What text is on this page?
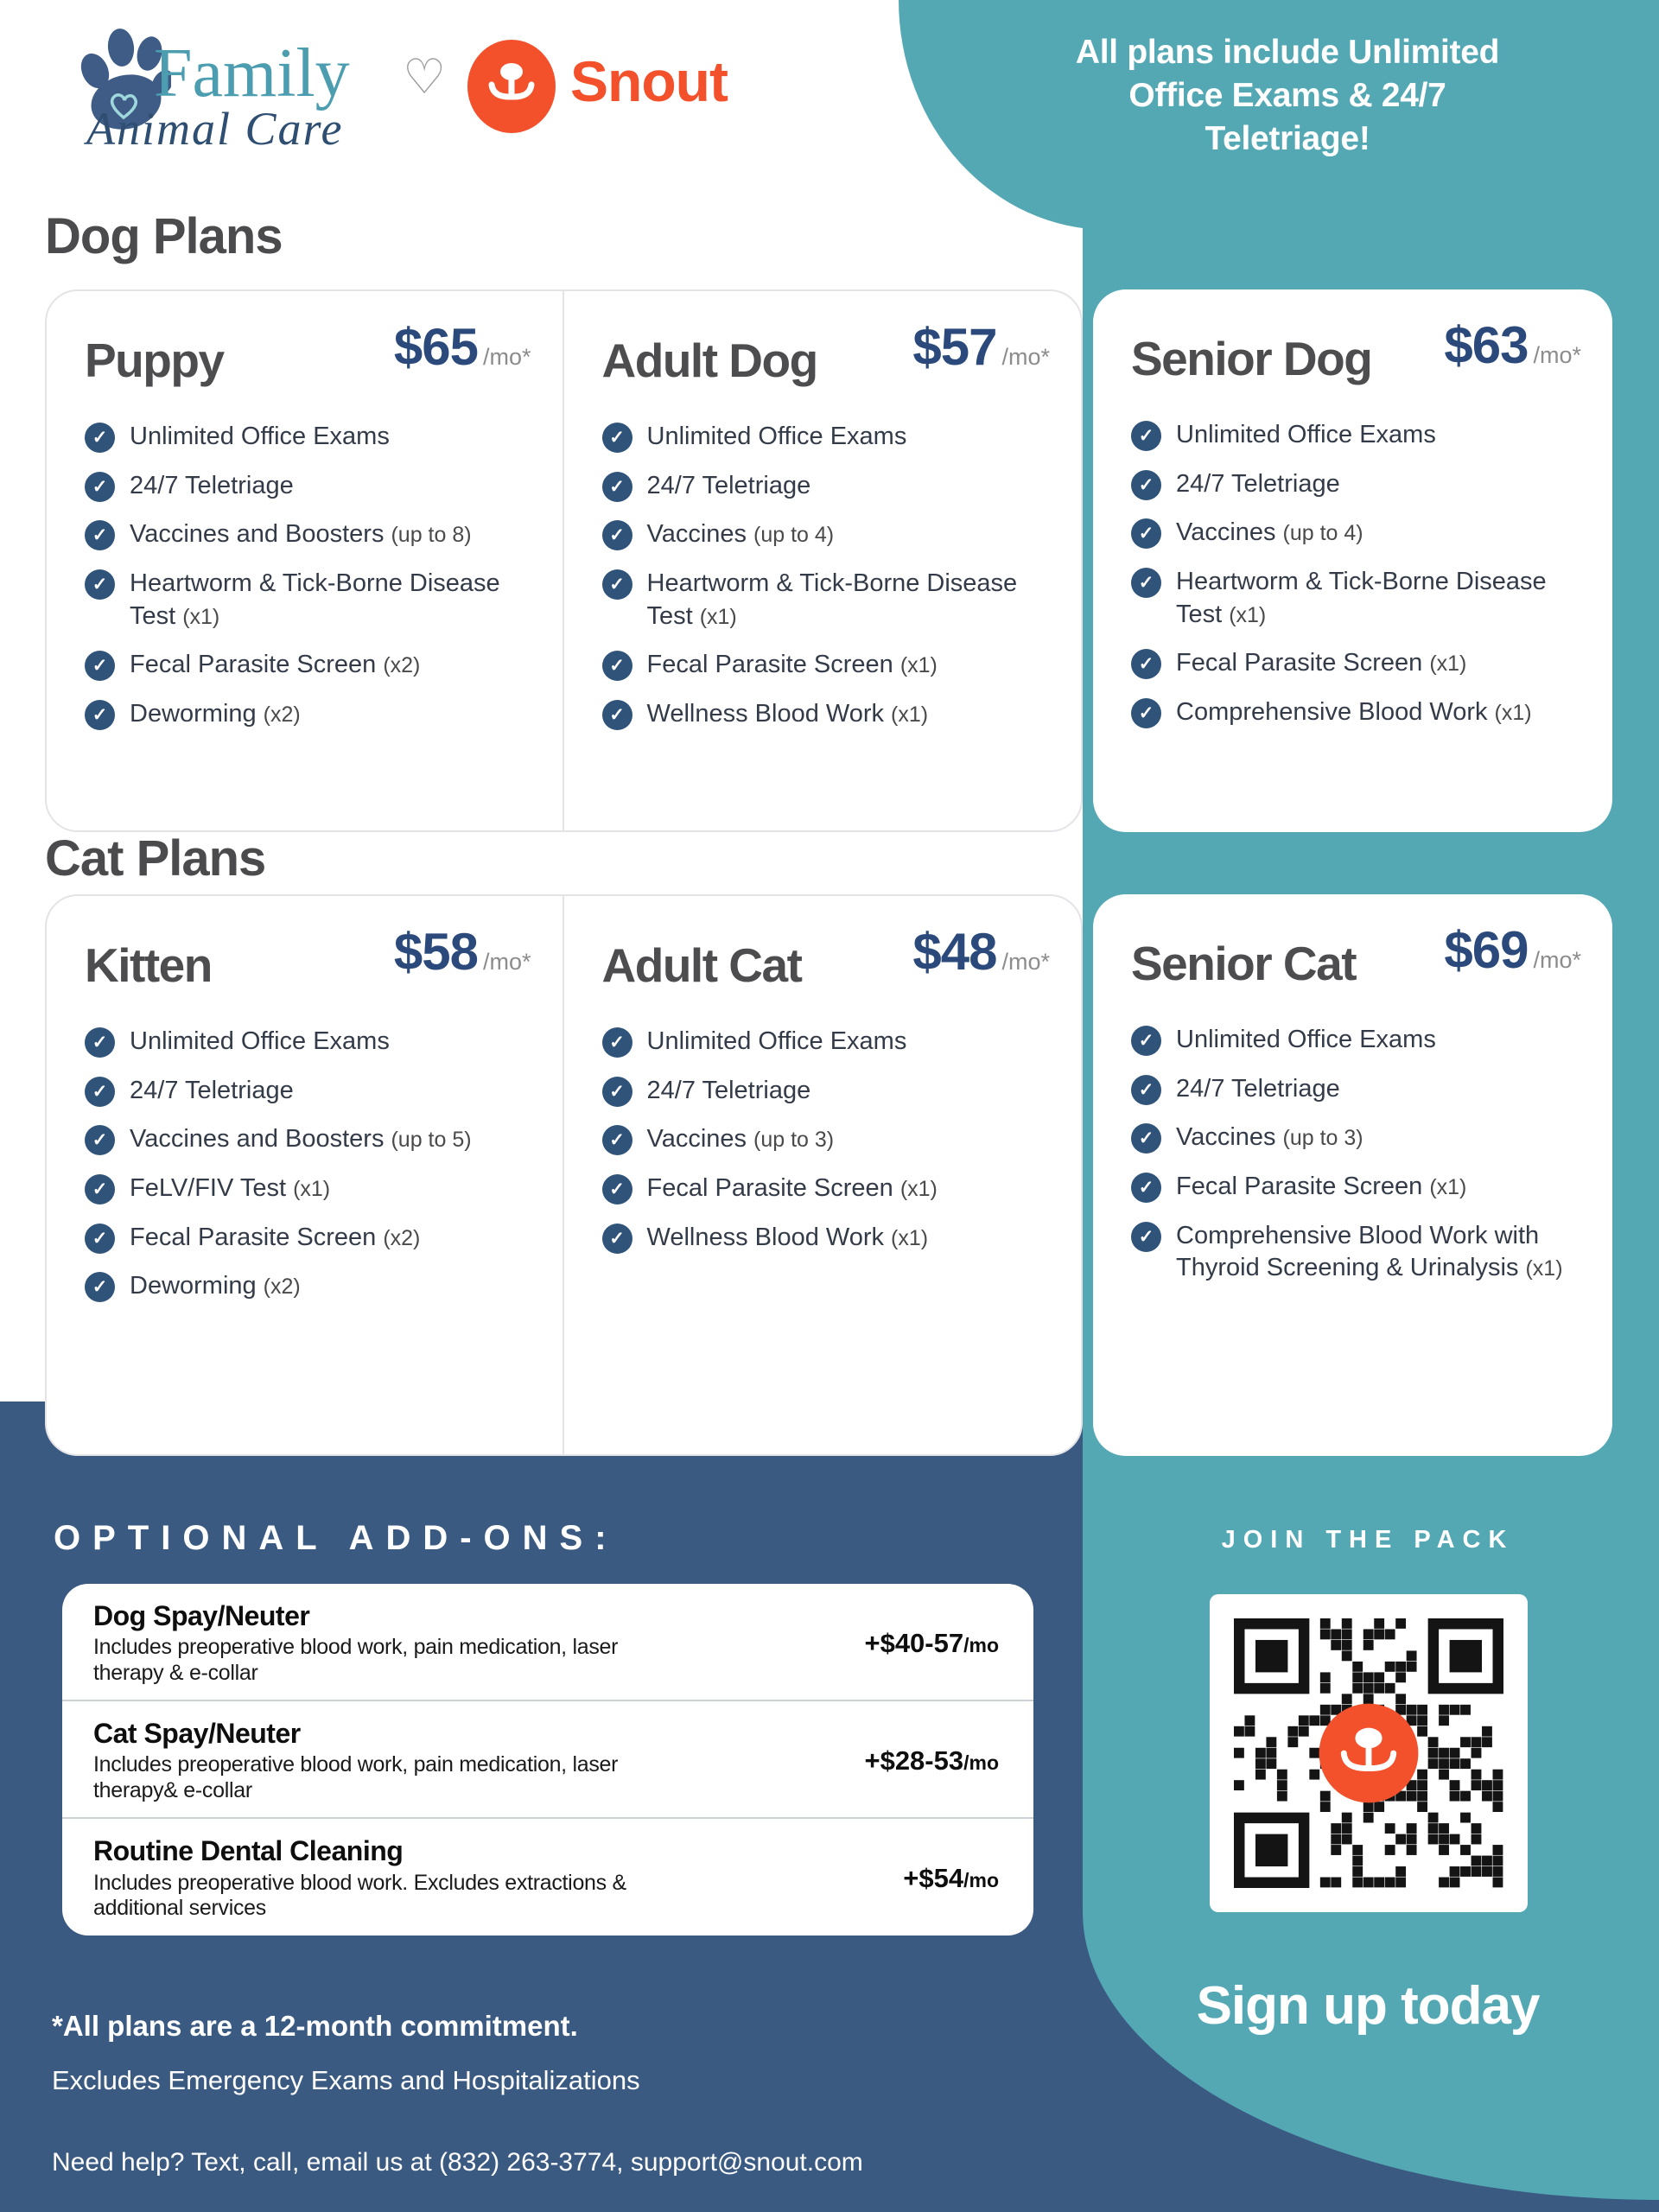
Family
Animal Care
♡ Snout	All plans include Unlimited Office Exams & 24/7 Teletriage!
Dog Plans
Puppy	$65 /mo*
✓
Unlimited Office Exams
✓
24/7 Teletriage
✓
Vaccines and Boosters (up to 8)
✓
Heartworm & Tick-Borne Disease Test (x1)
✓
Fecal Parasite Screen (x2)
✓
Deworming (x2)
Adult Dog $57 /mo*
✓
Unlimited Office Exams
✓
24/7 Teletriage
✓
Vaccines (up to 4)
✓
Heartworm & Tick-Borne Disease Test (x1)
✓
Fecal Parasite Screen (x1)
✓
Wellness Blood Work (x1)
Senior Dog $63 /mo*
✓
Unlimited Office Exams
✓
24/7 Teletriage
✓
Vaccines (up to 4)
✓
Heartworm & Tick-Borne Disease Test (x1)
✓
Fecal Parasite Screen (x1)
✓
Comprehensive Blood Work (x1)
Cat Plans
Kitten	$58 /mo*
✓
Unlimited Office Exams
✓
24/7 Teletriage
✓
Vaccines and Boosters (up to 5)
✓
FeLV/FIV Test (x1)
✓
Fecal Parasite Screen (x2)
✓
Deworming (x2)
Adult Cat $48 /mo*
✓
Unlimited Office Exams
✓
24/7 Teletriage
✓
Vaccines (up to 3)
✓
Fecal Parasite Screen (x1)
✓
Wellness Blood Work (x1)
Senior Cat $69 /mo*
✓
Unlimited Office Exams
✓
24/7 Teletriage
✓
Vaccines (up to 3)
✓
Fecal Parasite Screen (x1)
✓
Comprehensive Blood Work with Thyroid Screening & Urinalysis (x1)
OPTIONAL ADD-ONS:
Dog Spay/Neuter
Includes preoperative blood work, pain medication, laser therapy & e-collar
+$40-57/mo
Cat Spay/Neuter
Includes preoperative blood work, pain medication, laser therapy& e-collar
+$28-53/mo
Routine Dental Cleaning
Includes preoperative blood work. Excludes extractions & additional services
+$54/mo
JOIN THE PACK
Sign up today
*All plans are a 12-month commitment.
Excludes Emergency Exams and Hospitalizations
Need help? Text, call, email us at (832) 263-3774, support@snout.com
